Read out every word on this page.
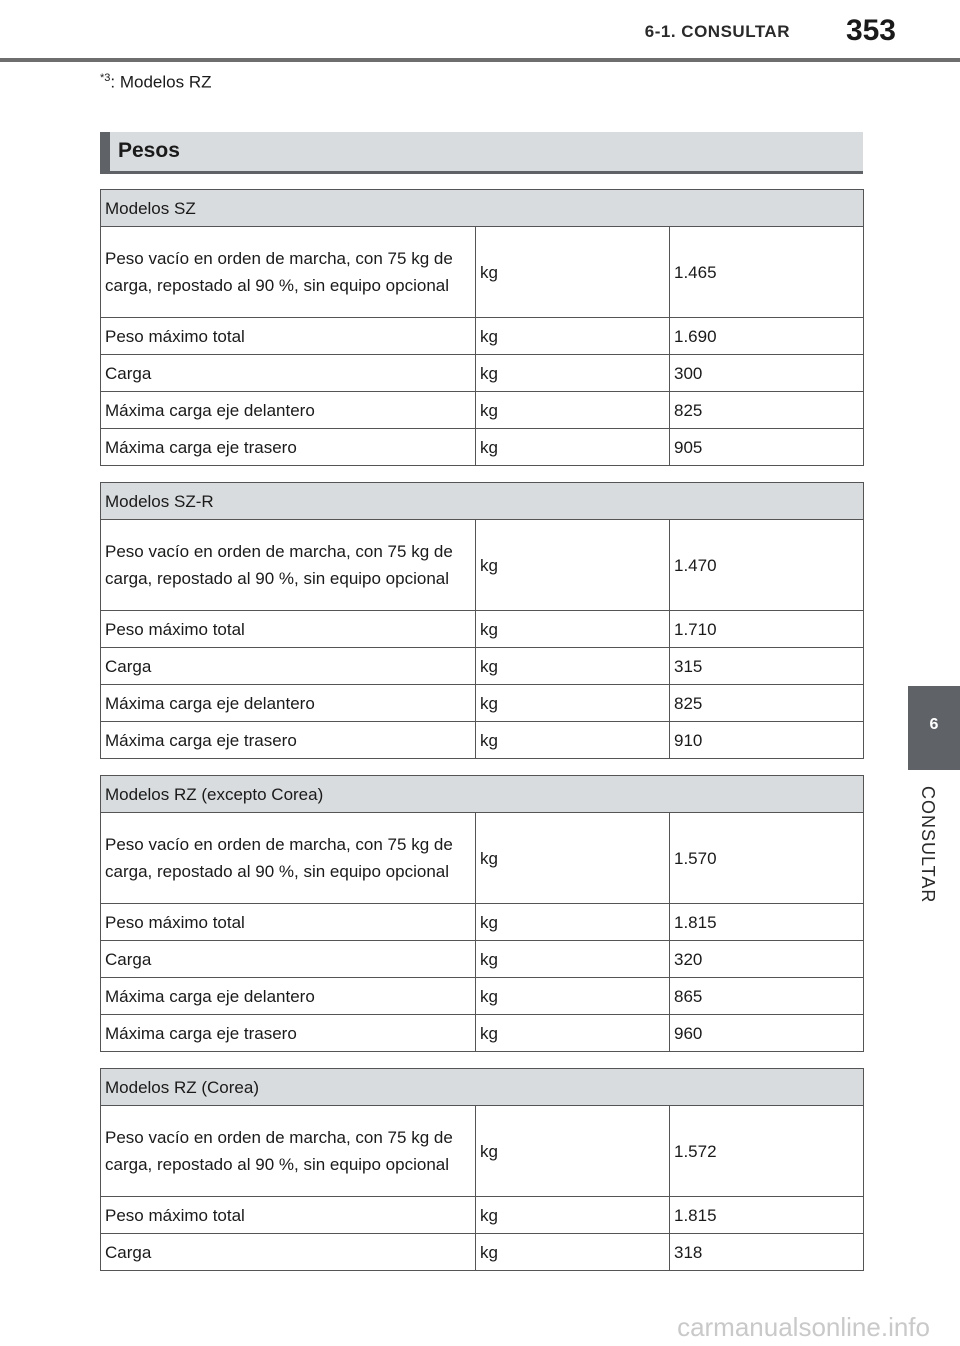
6-1. CONSULTAR 353
$^{*3}$: Modelos RZ
Pesos
Modelos SZ		
Peso vacío en orden de marcha, con 75 kg de carga, repostado al 90 %, sin equipo opcional	kg	1.465
Peso máximo total	kg	1.690
Carga	kg	300
Máxima carga eje delantero	kg	825
Máxima carga eje trasero	kg	905
Modelos SZ-R		
Peso vacío en orden de marcha, con 75 kg de carga, repostado al 90 %, sin equipo opcional	kg	1.470
Peso máximo total	kg	1.710
Carga	kg	315
Máxima carga eje delantero	kg	825
Máxima carga eje trasero	kg	910
Modelos RZ (excepto Corea)		
Peso vacío en orden de marcha, con 75 kg de carga, repostado al 90 %, sin equipo opcional	kg	1.570
Peso máximo total	kg	1.815
Carga	kg	320
Máxima carga eje delantero	kg	865
Máxima carga eje trasero	kg	960
Modelos RZ (Corea)		
Peso vacío en orden de marcha, con 75 kg de carga, repostado al 90 %, sin equipo opcional	kg	1.572
Peso máximo total	kg	1.815
Carga	kg	318
6
CONSULTAR
carmanualsonline.info
